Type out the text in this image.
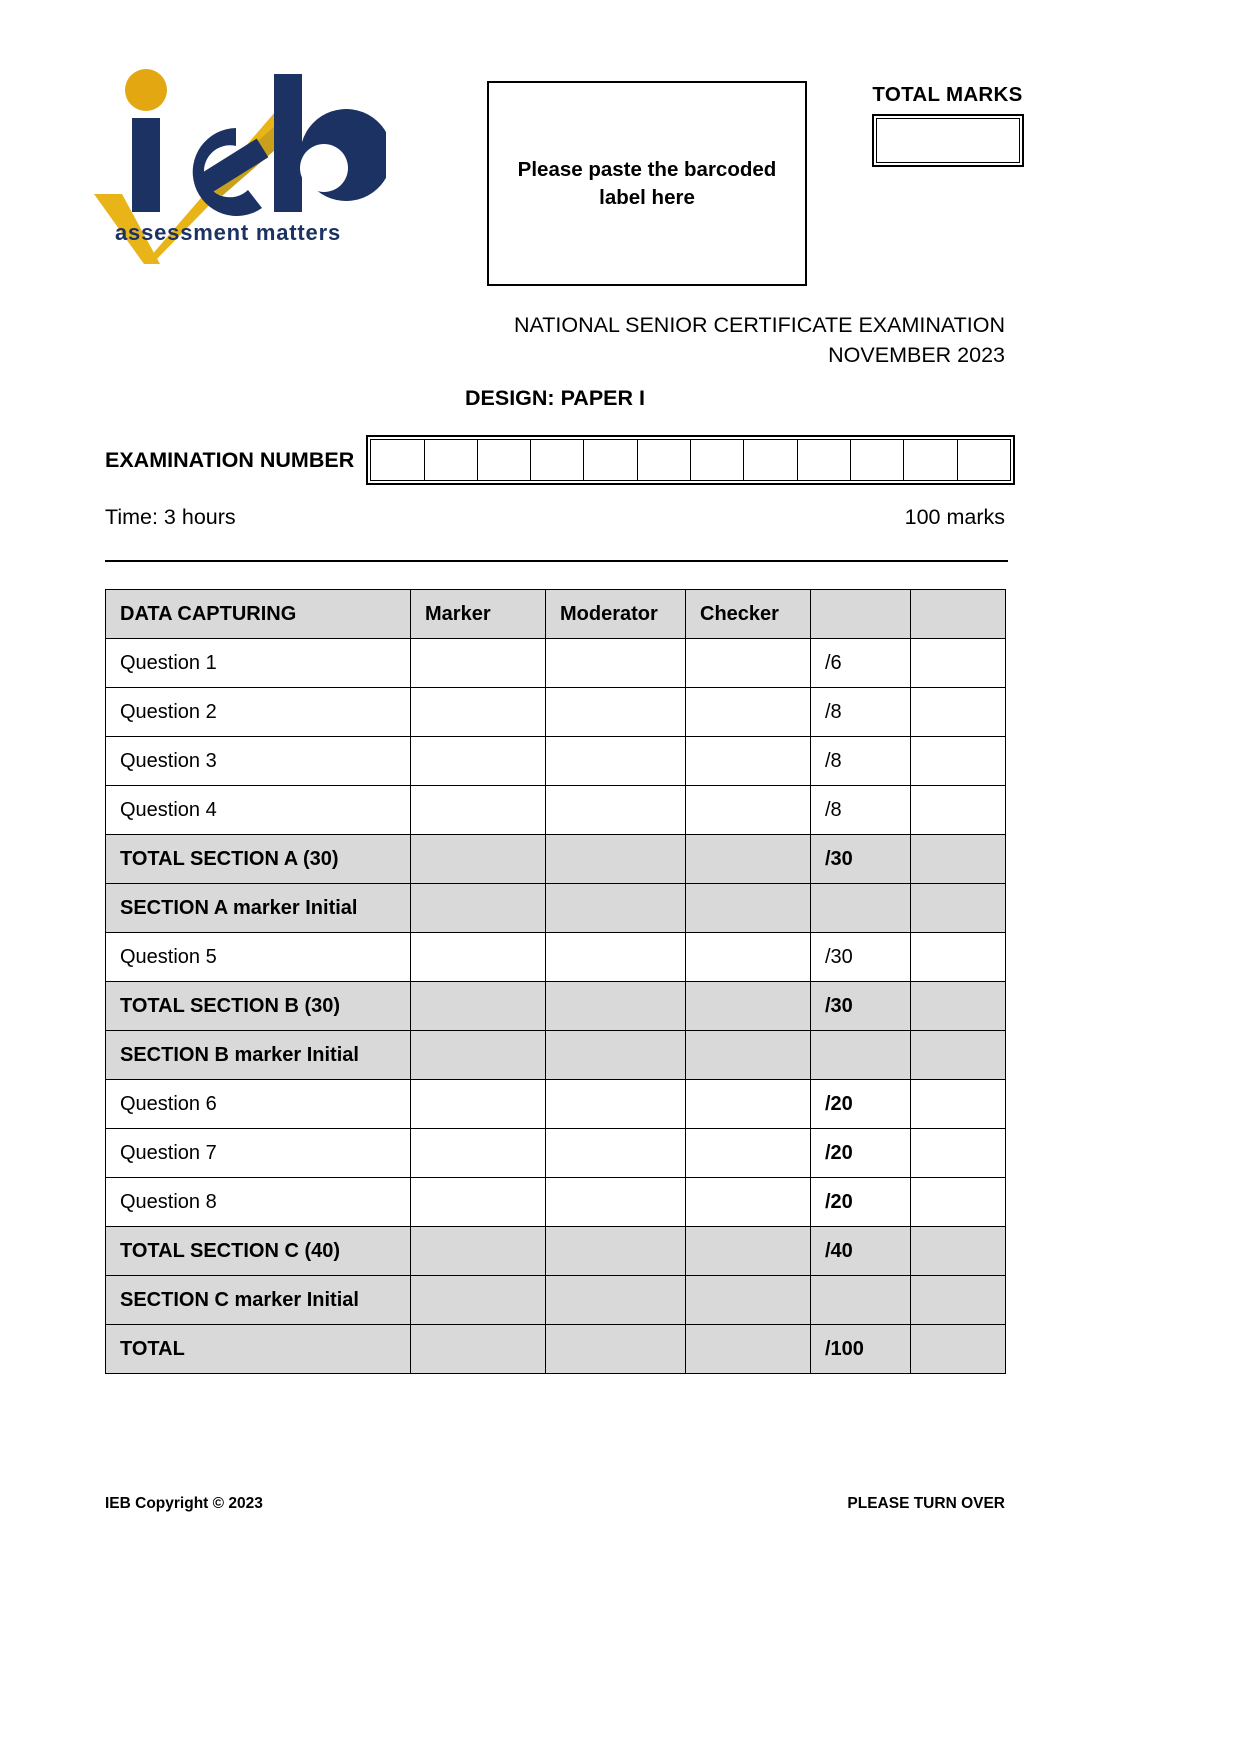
assessment matters
Please paste the barcoded label here
TOTAL MARKS
NATIONAL SENIOR CERTIFICATE EXAMINATION
NOVEMBER 2023
DESIGN: PAPER I
EXAMINATION NUMBER
Time: 3 hours	100 marks
DATA CAPTURING	Marker	Moderator	Checker		
Question 1				/6	
Question 2				/8	
Question 3				/8	
Question 4				/8	
TOTAL SECTION A (30)				/30	
SECTION A marker Initial					
Question 5				/30	
TOTAL SECTION B (30)				/30	
SECTION B marker Initial					
Question 6				/20	
Question 7				/20	
Question 8				/20	
TOTAL SECTION C (40)				/40	
SECTION C marker Initial					
TOTAL				/100	
IEB Copyright © 2023	PLEASE TURN OVER
